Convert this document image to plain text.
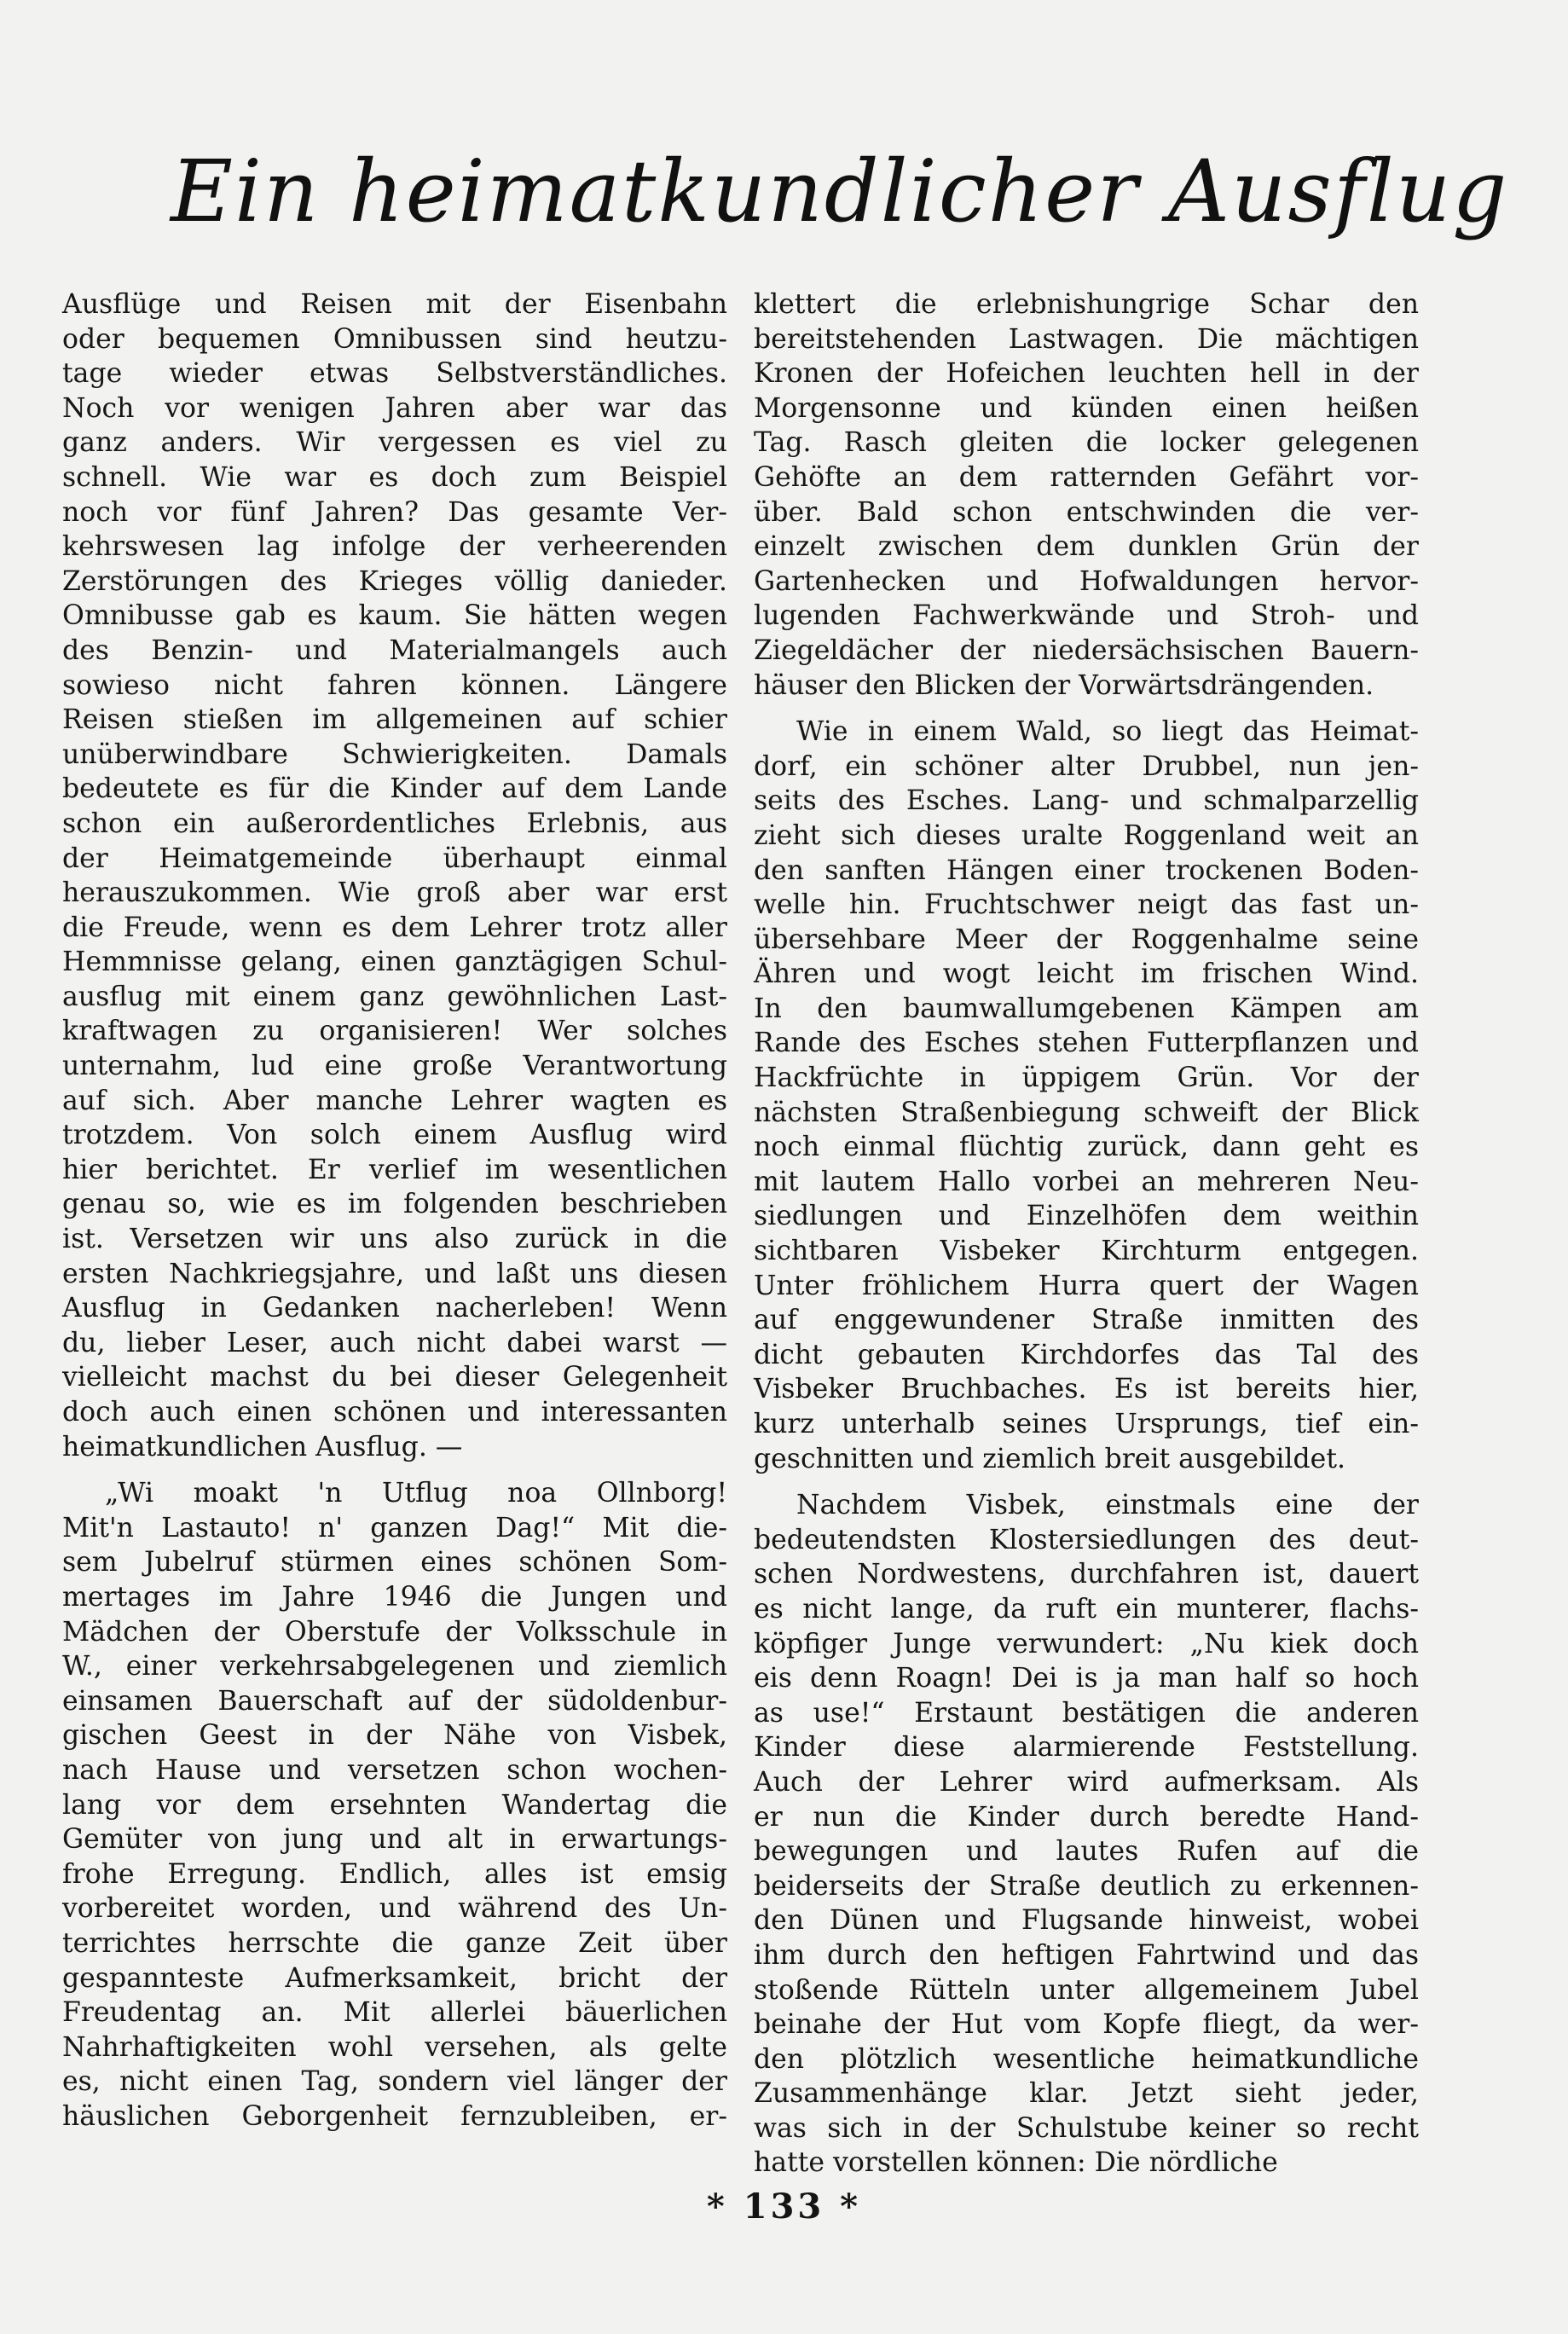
Ein heimatkundlicher Ausflug

Ausflüge und Reisen mit der Eisenbahn
oder bequemen Omnibussen sind heutzu-
tage wieder etwas Selbstverständliches.
Noch vor wenigen Jahren aber war das
ganz anders. Wir vergessen es viel zu
schnell. Wie war es doch zum Beispiel
noch vor fünf Jahren? Das gesamte Ver-
kehrswesen lag infolge der verheerenden
Zerstörungen des Krieges völlig danieder.
Omnibusse gab es kaum. Sie hätten wegen
des Benzin- und Materialmangels auch
sowieso nicht fahren können. Längere
Reisen stießen im allgemeinen auf schier
unüberwindbare Schwierigkeiten. Damals
bedeutete es für die Kinder auf dem Lande
schon ein außerordentliches Erlebnis, aus
der Heimatgemeinde überhaupt einmal
herauszukommen. Wie groß aber war erst
die Freude, wenn es dem Lehrer trotz aller
Hemmnisse gelang, einen ganztägigen Schul-
ausflug mit einem ganz gewöhnlichen Last-
kraftwagen zu organisieren! Wer solches
unternahm, lud eine große Verantwortung
auf sich. Aber manche Lehrer wagten es
trotzdem. Von solch einem Ausflug wird
hier berichtet. Er verlief im wesentlichen
genau so, wie es im folgenden beschrieben
ist. Versetzen wir uns also zurück in die
ersten Nachkriegsjahre, und laßt uns diesen
Ausflug in Gedanken nacherleben! Wenn
du, lieber Leser, auch nicht dabei warst —
vielleicht machst du bei dieser Gelegenheit
doch auch einen schönen und interessanten
heimatkundlichen Ausflug. —

„Wi moakt 'n Utflug noa Ollnborg!
Mit'n Lastauto! n' ganzen Dag!“ Mit die-
sem Jubelruf stürmen eines schönen Som-
mertages im Jahre 1946 die Jungen und
Mädchen der Oberstufe der Volksschule in
W., einer verkehrsabgelegenen und ziemlich
einsamen Bauerschaft auf der südoldenbur-
gischen Geest in der Nähe von Visbek,
nach Hause und versetzen schon wochen-
lang vor dem ersehnten Wandertag die
Gemüter von jung und alt in erwartungs-
frohe Erregung. Endlich, alles ist emsig
vorbereitet worden, und während des Un-
terrichtes herrschte die ganze Zeit über
gespannteste Aufmerksamkeit, bricht der
Freudentag an. Mit allerlei bäuerlichen
Nahrhaftigkeiten wohl versehen, als gelte
es, nicht einen Tag, sondern viel länger der
häuslichen Geborgenheit fernzubleiben, er-

klettert die erlebnishungrige Schar den
bereitstehenden Lastwagen. Die mächtigen
Kronen der Hofeichen leuchten hell in der
Morgensonne und künden einen heißen
Tag. Rasch gleiten die locker gelegenen
Gehöfte an dem ratternden Gefährt vor-
über. Bald schon entschwinden die ver-
einzelt zwischen dem dunklen Grün der
Gartenhecken und Hofwaldungen hervor-
lugenden Fachwerkwände und Stroh- und
Ziegeldächer der niedersächsischen Bauern-
häuser den Blicken der Vorwärtsdrängenden.

Wie in einem Wald, so liegt das Heimat-
dorf, ein schöner alter Drubbel, nun jen-
seits des Esches. Lang- und schmalparzellig
zieht sich dieses uralte Roggenland weit an
den sanften Hängen einer trockenen Boden-
welle hin. Fruchtschwer neigt das fast un-
übersehbare Meer der Roggenhalme seine
Ähren und wogt leicht im frischen Wind.
In den baumwallumgebenen Kämpen am
Rande des Esches stehen Futterpflanzen und
Hackfrüchte in üppigem Grün. Vor der
nächsten Straßenbiegung schweift der Blick
noch einmal flüchtig zurück, dann geht es
mit lautem Hallo vorbei an mehreren Neu-
siedlungen und Einzelhöfen dem weithin
sichtbaren Visbeker Kirchturm entgegen.
Unter fröhlichem Hurra quert der Wagen
auf enggewundener Straße inmitten des
dicht gebauten Kirchdorfes das Tal des
Visbeker Bruchbaches. Es ist bereits hier,
kurz unterhalb seines Ursprungs, tief ein-
geschnitten und ziemlich breit ausgebildet.

Nachdem Visbek, einstmals eine der
bedeutendsten Klostersiedlungen des deut-
schen Nordwestens, durchfahren ist, dauert
es nicht lange, da ruft ein munterer, flachs-
köpfiger Junge verwundert: „Nu kiek doch
eis denn Roagn! Dei is ja man half so hoch
as use!“ Erstaunt bestätigen die anderen
Kinder diese alarmierende Feststellung.
Auch der Lehrer wird aufmerksam. Als
er nun die Kinder durch beredte Hand-
bewegungen und lautes Rufen auf die
beiderseits der Straße deutlich zu erkennen-
den Dünen und Flugsande hinweist, wobei
ihm durch den heftigen Fahrtwind und das
stoßende Rütteln unter allgemeinem Jubel
beinahe der Hut vom Kopfe fliegt, da wer-
den plötzlich wesentliche heimatkundliche
Zusammenhänge klar. Jetzt sieht jeder,
was sich in der Schulstube keiner so recht
hatte vorstellen können: Die nördliche

* 133 *
